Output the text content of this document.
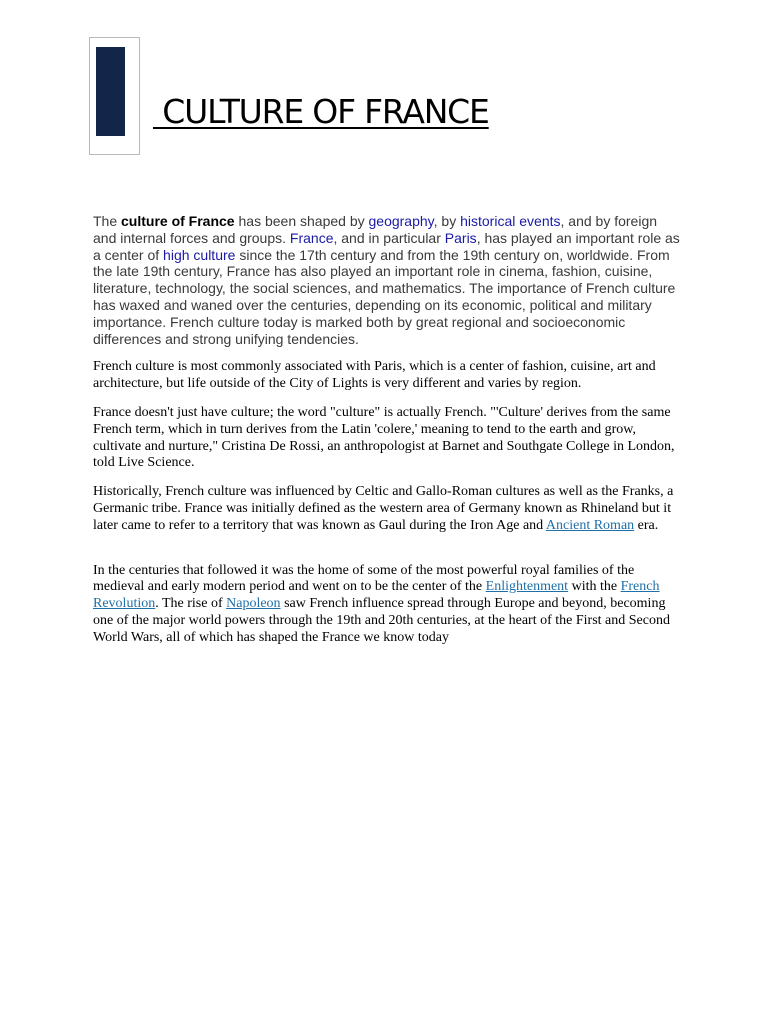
CULTURE OF FRANCE

The culture of France has been shaped by geography, by historical events, and by foreign and internal forces and groups. France, and in particular Paris, has played an important role as a center of high culture since the 17th century and from the 19th century on, worldwide. From the late 19th century, France has also played an important role in cinema, fashion, cuisine, literature, technology, the social sciences, and mathematics. The importance of French culture has waxed and waned over the centuries, depending on its economic, political and military importance. French culture today is marked both by great regional and socioeconomic differences and strong unifying tendencies.

French culture is most commonly associated with Paris, which is a center of fashion, cuisine, art and architecture, but life outside of the City of Lights is very different and varies by region.

France doesn't just have culture; the word "culture" is actually French. "'Culture' derives from the same French term, which in turn derives from the Latin 'colere,' meaning to tend to the earth and grow, cultivate and nurture," Cristina De Rossi, an anthropologist at Barnet and Southgate College in London, told Live Science.

Historically, French culture was influenced by Celtic and Gallo-Roman cultures as well as the Franks, a Germanic tribe. France was initially defined as the western area of Germany known as Rhineland but it later came to refer to a territory that was known as Gaul during the Iron Age and Ancient Roman era.

In the centuries that followed it was the home of some of the most powerful royal families of the medieval and early modern period and went on to be the center of the Enlightenment with the French Revolution. The rise of Napoleon saw French influence spread through Europe and beyond, becoming one of the major world powers through the 19th and 20th centuries, at the heart of the First and Second World Wars, all of which has shaped the France we know today
